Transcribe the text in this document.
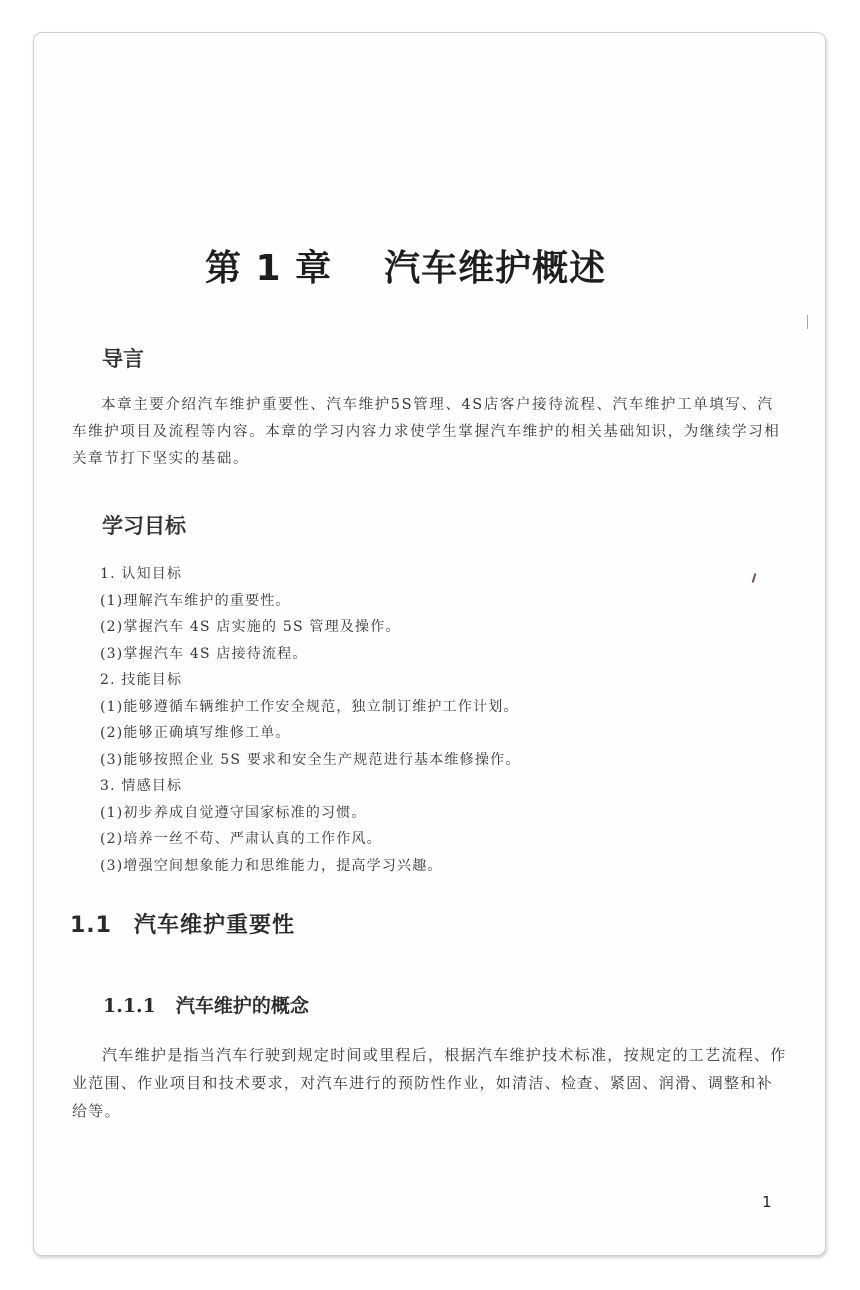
第 1 章 汽车维护概述
导言

本章主要介绍汽车维护重要性、汽车维护5S管理、4S店客户接待流程、汽车维护工单填写、汽车维护项目及流程等内容。本章的学习内容力求使学生掌握汽车维护的相关基础知识，为继续学习相关章节打下坚实的基础。

学习目标
1. 认知目标
(1)理解汽车维护的重要性。
(2)掌握汽车 4S 店实施的 5S 管理及操作。
(3)掌握汽车 4S 店接待流程。
2. 技能目标
(1)能够遵循车辆维护工作安全规范，独立制订维护工作计划。
(2)能够正确填写维修工单。
(3)能够按照企业 5S 要求和安全生产规范进行基本维修操作。
3. 情感目标
(1)初步养成自觉遵守国家标准的习惯。
(2)培养一丝不苟、严肃认真的工作作风。
(3)增强空间想象能力和思维能力，提高学习兴趣。
1.1 汽车维护重要性
1.1.1 汽车维护的概念

汽车维护是指当汽车行驶到规定时间或里程后，根据汽车维护技术标准，按规定的工艺流程、作业范围、作业项目和技术要求，对汽车进行的预防性作业，如清洁、检查、紧固、润滑、调整和补给等。

1
